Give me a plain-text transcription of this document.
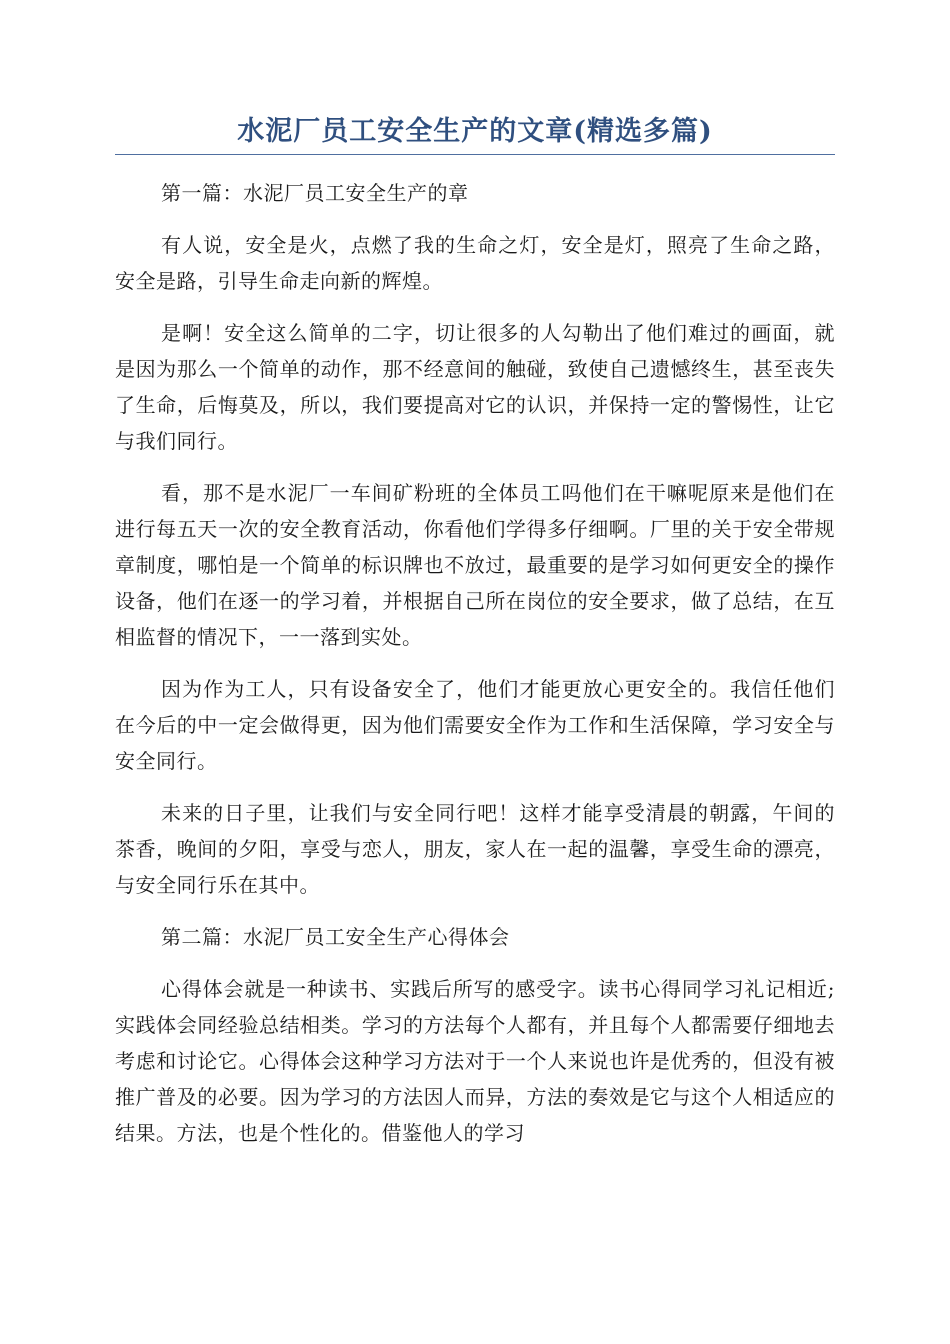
水泥厂员工安全生产的文章(精选多篇)

第一篇：水泥厂员工安全生产的章

有人说，安全是火，点燃了我的生命之灯，安全是灯，照亮了生命之路，安全是路，引导生命走向新的辉煌。

是啊！安全这么简单的二字，切让很多的人勾勒出了他们难过的画面，就是因为那么一个简单的动作，那不经意间的触碰，致使自己遗憾终生，甚至丧失了生命，后悔莫及，所以，我们要提高对它的认识，并保持一定的警惕性，让它与我们同行。

看，那不是水泥厂一车间矿粉班的全体员工吗他们在干嘛呢原来是他们在进行每五天一次的安全教育活动，你看他们学得多仔细啊。厂里的关于安全带规章制度，哪怕是一个简单的标识牌也不放过，最重要的是学习如何更安全的操作设备，他们在逐一的学习着，并根据自己所在岗位的安全要求，做了总结，在互相监督的情况下，一一落到实处。

因为作为工人，只有设备安全了，他们才能更放心更安全的。我信任他们在今后的中一定会做得更，因为他们需要安全作为工作和生活保障，学习安全与安全同行。

未来的日子里，让我们与安全同行吧！这样才能享受清晨的朝露，午间的茶香，晚间的夕阳，享受与恋人，朋友，家人在一起的温馨，享受生命的漂亮，与安全同行乐在其中。

第二篇：水泥厂员工安全生产心得体会

心得体会就是一种读书、实践后所写的感受字。读书心得同学习礼记相近;实践体会同经验总结相类。学习的方法每个人都有，并且每个人都需要仔细地去考虑和讨论它。心得体会这种学习方法对于一个人来说也许是优秀的，但没有被推广普及的必要。因为学习的方法因人而异，方法的奏效是它与这个人相适应的结果。方法，也是个性化的。借鉴他人的学习
